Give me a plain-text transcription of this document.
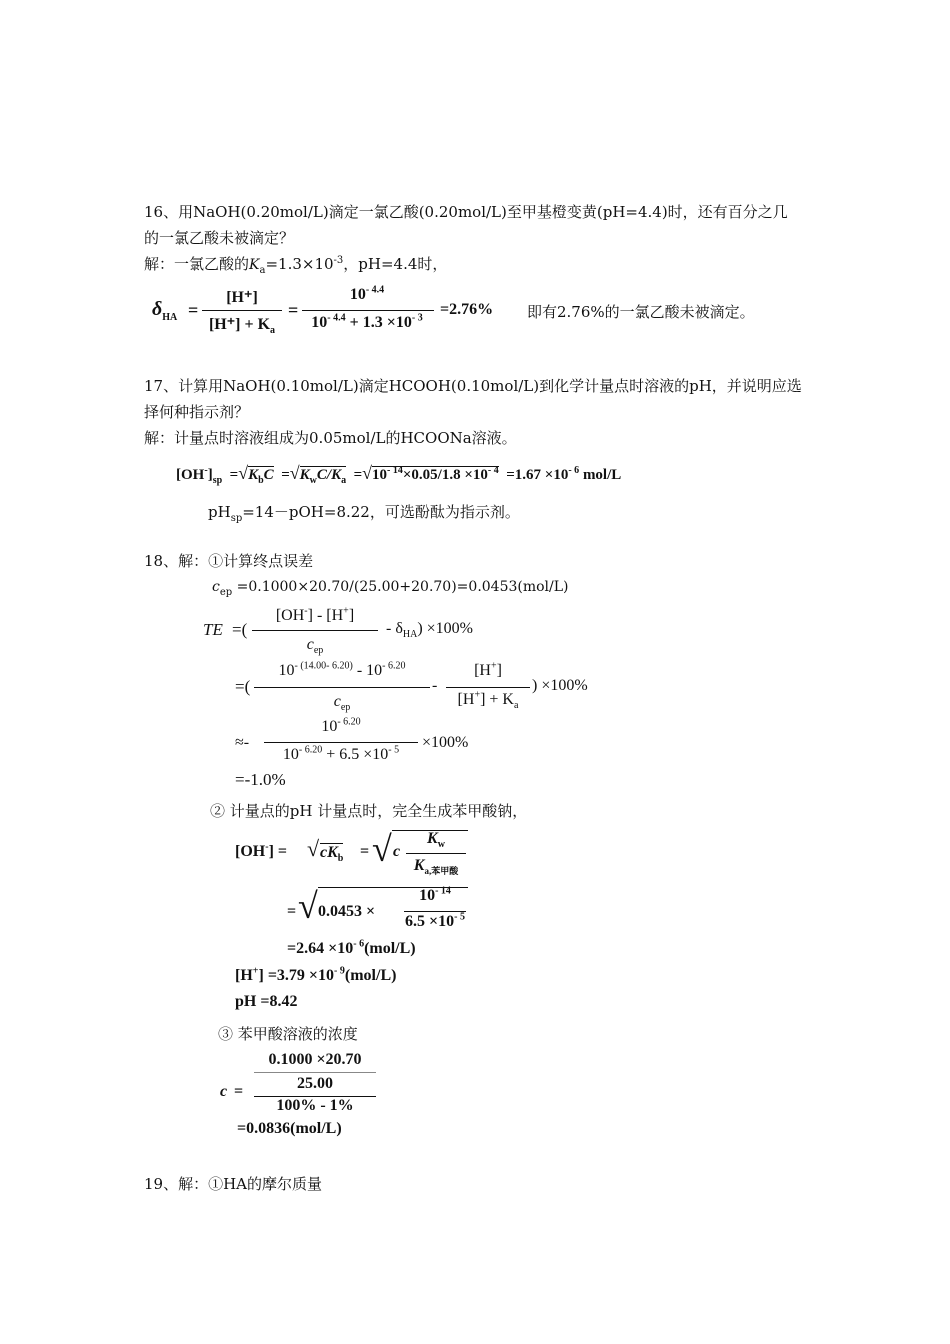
16、用NaOH(0.20mol/L)滴定一氯乙酸(0.20mol/L)至甲基橙变黄(pH=4.4)时，还有百分之几
的一氯乙酸未被滴定？
解：一氯乙酸的$K_a=1.3\times 10^{-3}$，pH=4.4时，
$\delta_{HA}$ =
[H⁺]
$[H^+] + K_a$
=
$10^{- 4.4}$
$10^{- 4.4} + 1.3 \times 10^{- 3}$
=2.76% 即有2.76%的一氯乙酸未被滴定。
17、计算用NaOH(0.10mol/L)滴定HCOOH(0.10mol/L)到化学计量点时溶液的pH，并说明应选
择何种指示剂？
解：计量点时溶液组成为0.05mol/L的HCOONa溶液。
$[OH^-]_{sp} =√K_bC =√K_wC/K_a =√10^{- 14}\times 0.05/1.8 \times 10^{- 4} =1.67 \times 10^{- 6}$ mol/L
$pH_{sp}=14-pOH=8.22$，可选酚酞为指示剂。
18、解：①计算终点误差
$c_{ep} =0.1000\times 20.70/(25.00+20.70)=0.0453(mol/L)$
TE =(
[OH-] - [H+]
$c_{ep}$
- $\delta_{HA}) \times 100\%$
=(
$10^{- (14.00- 6.20)} - 10^{- 6.20}$
$c_{ep}$
-
[H+]
$[H^+] + K_a$
) ×100%
≈-
$10^{- 6.20}$
$10^{- 6.20} + 6.5 \times 10^{- 5}$	×100%
=-1.0%
② 计量点的pH 计量点时，完全生成苯甲酸钠，
[OH-] = √ $cK_b$ = √ c
$K_w$
$K_{a,苯甲酸}$
= √ 0.0453 ×
$10^{- 14}$
$6.5 \times 10^{- 5}$
$=2.64 \times 10^{- 6}(mol/L)$
$[H^+] =3.79 \times 10^{- 9}(mol/L)$
pH =8.42
③ 苯甲酸溶液的浓度
c =
0.1000 ×20.70
25.00
100% - 1%
=0.0836(mol/L)
19、解：①HA的摩尔质量
